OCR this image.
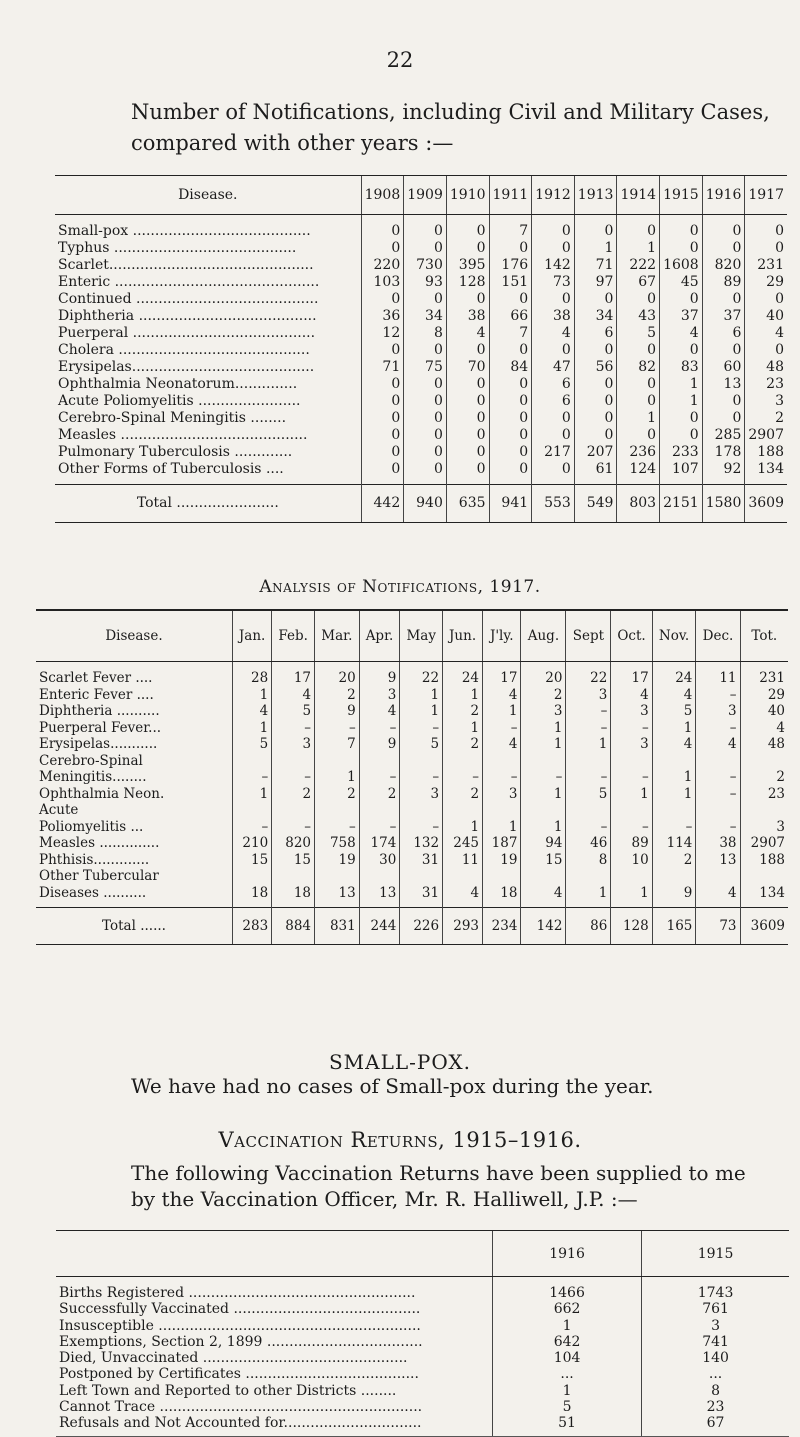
22
Number of Notifications, including Civil and Military Cases, compared with other years :—
Disease.	1908	1909	1910	1911	1912	1913	1914	1915	1916	1917
Small-pox ........................................	0	0	0	7	0	0	0	0	0	0
Typhus .........................................	0	0	0	0	0	1	1	0	0	0
Scarlet..............................................	220	730	395	176	142	71	222	1608	820	231
Enteric ..............................................	103	93	128	151	73	97	67	45	89	29
Continued .........................................	0	0	0	0	0	0	0	0	0	0
Diphtheria ........................................	36	34	38	66	38	34	43	37	37	40
Puerperal .........................................	12	8	4	7	4	6	5	4	6	4
Cholera ...........................................	0	0	0	0	0	0	0	0	0	0
Erysipelas.........................................	71	75	70	84	47	56	82	83	60	48
Ophthalmia Neonatorum..............	0	0	0	0	6	0	0	1	13	23
Acute Poliomyelitis .......................	0	0	0	0	6	0	0	1	0	3
Cerebro-Spinal Meningitis ........	0	0	0	0	0	0	1	0	0	2
Measles ..........................................	0	0	0	0	0	0	0	0	285	2907
Pulmonary Tuberculosis .............	0	0	0	0	217	207	236	233	178	188
Other Forms of Tuberculosis ....	0	0	0	0	0	61	124	107	92	134
Total .......................	442	940	635	941	553	549	803	2151	1580	3609
Analysis of Notifications, 1917.
Disease.	Jan.	Feb.	Mar.	Apr.	May	Jun.	J'ly.	Aug.	Sept	Oct.	Nov.	Dec.	Tot.
Scarlet Fever ....	28	17	20	9	22	24	17	20	22	17	24	11	231
Enteric Fever ....	1	4	2	3	1	1	4	2	3	4	4	–	29
Diphtheria ..........	4	5	9	4	1	2	1	3	–	3	5	3	40
Puerperal Fever...	1	–	–	–	–	1	–	1	–	–	1	–	4
Erysipelas...........	5	3	7	9	5	2	4	1	1	3	4	4	48
Cerebro-Spinal													
Meningitis........	–	–	1	–	–	–	–	–	–	–	1	–	2
Ophthalmia Neon.	1	2	2	2	3	2	3	1	5	1	1	–	23
Acute													
Poliomyelitis ...	–	–	–	–	–	1	1	1	–	–	–	–	3
Measles ..............	210	820	758	174	132	245	187	94	46	89	114	38	2907
Phthisis.............	15	15	19	30	31	11	19	15	8	10	2	13	188
Other Tubercular													
Diseases ..........	18	18	13	13	31	4	18	4	1	1	9	4	134
Total ......	283	884	831	244	226	293	234	142	86	128	165	73	3609
SMALL-POX.
We have had no cases of Small-pox during the year.
Vaccination Returns, 1915–1916.
The following Vaccination Returns have been supplied to me by the Vaccination Officer, Mr. R. Halliwell, J.P. :—
	1916	1915
Births Registered ...................................................	1466	1743
Successfully Vaccinated ..........................................	662	761
Insusceptible ...........................................................	1	3
Exemptions, Section 2, 1899 ...................................	642	741
Died, Unvaccinated ..............................................	104	140
Postponed by Certificates .......................................	...	...
Left Town and Reported to other Districts ........	1	8
Cannot Trace ...........................................................	5	23
Refusals and Not Accounted for...............................	51	67
